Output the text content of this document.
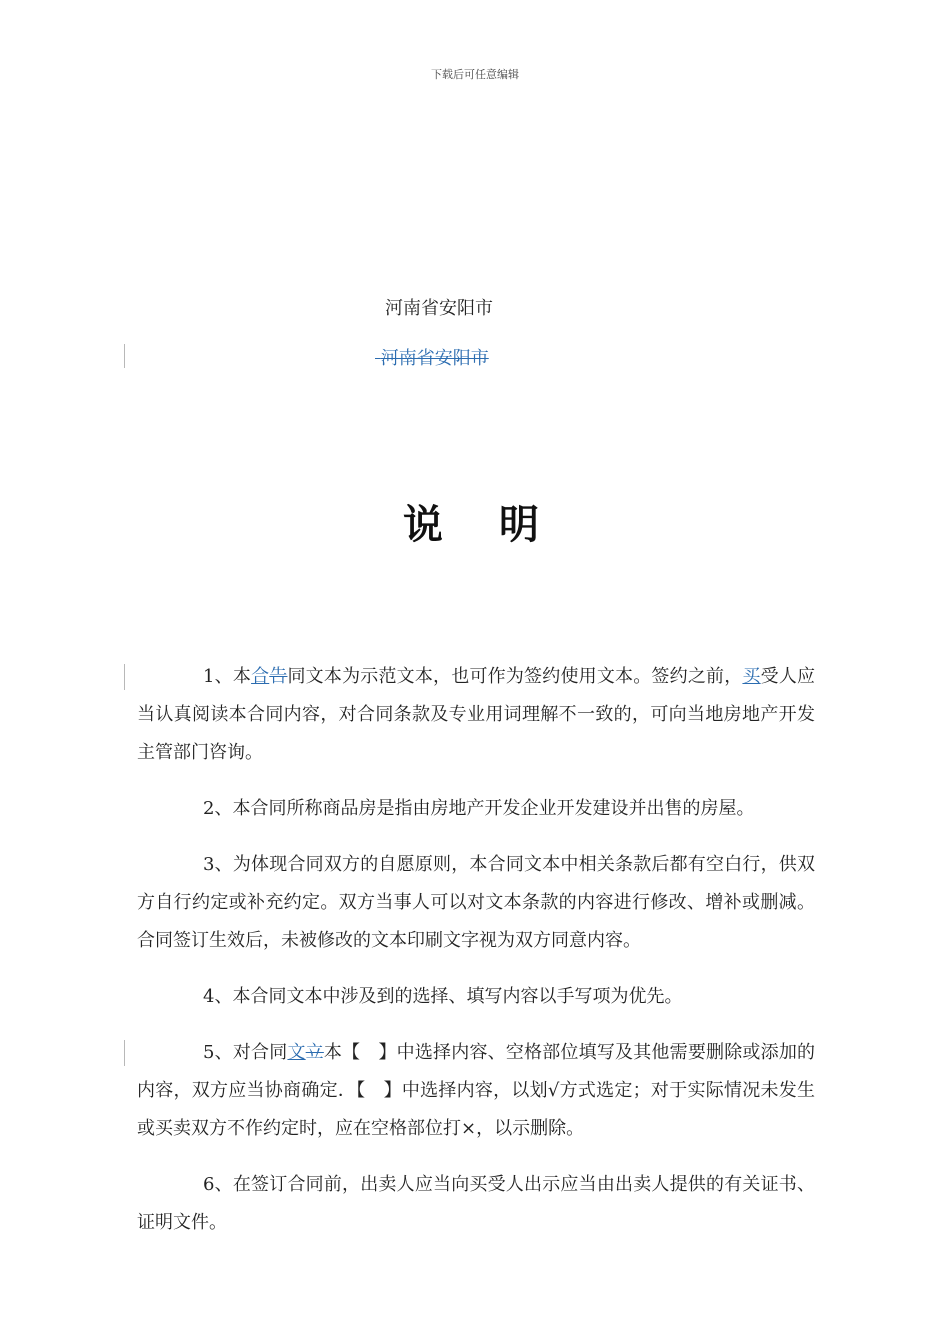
下载后可任意编辑
河南省安阳市
河南省安阳市
说 明
1、本合告同文本为示范文本，也可作为签约使用文本。签约之前，买受人应当认真阅读本合同内容，对合同条款及专业用词理解不一致的，可向当地房地产开发主管部门咨询。
2、本合同所称商品房是指由房地产开发企业开发建设并出售的房屋。
3、为体现合同双方的自愿原则，本合同文本中相关条款后都有空白行，供双方自行约定或补充约定。双方当事人可以对文本条款的内容进行修改、增补或删减。合同签订生效后，未被修改的文本印刷文字视为双方同意内容。
4、本合同文本中涉及到的选择、填写内容以手写项为优先。
5、对合同文立本【　】中选择内容、空格部位填写及其他需要删除或添加的内容，双方应当协商确定．【　】中选择内容，以划√方式选定；对于实际情况未发生或买卖双方不作约定时，应在空格部位打×，以示删除。
6、在签订合同前，出卖人应当向买受人出示应当由出卖人提供的有关证书、证明文件。
